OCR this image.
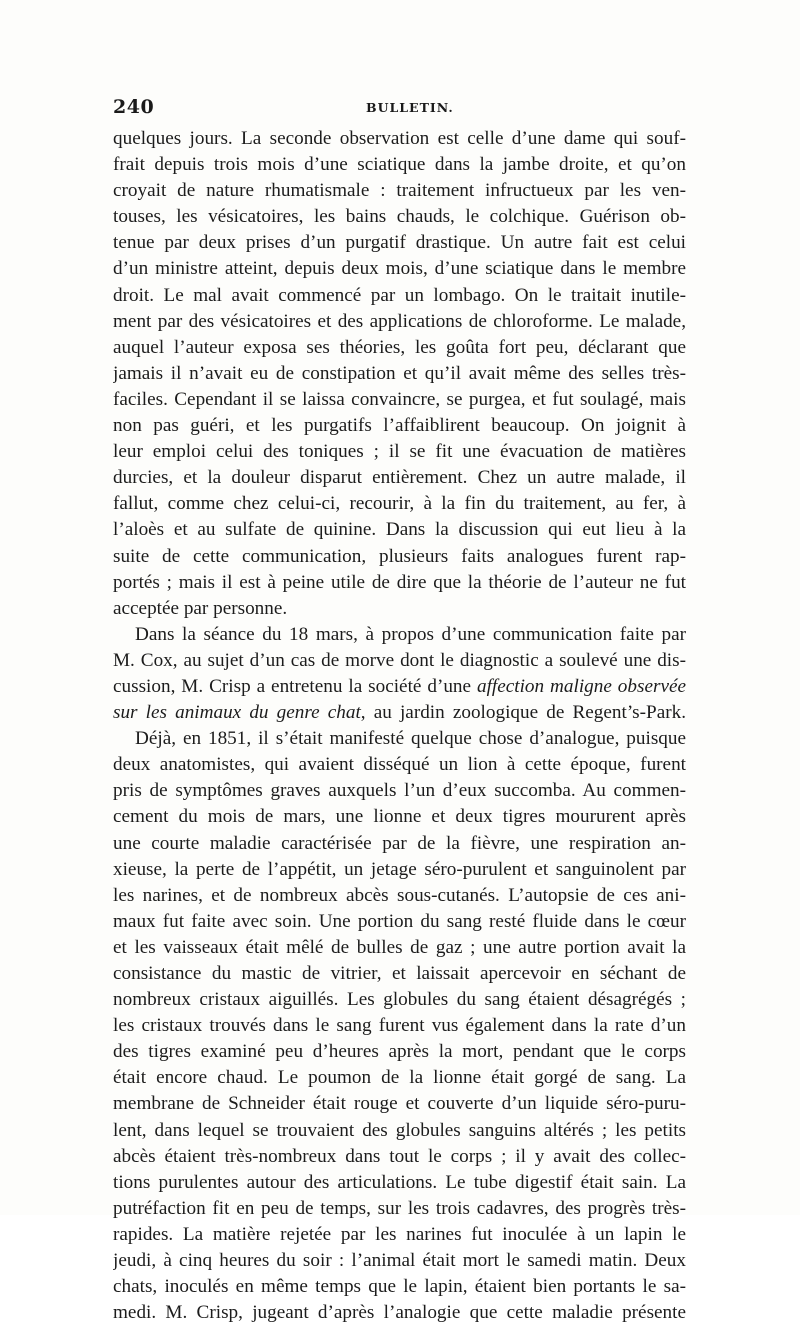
240	BULLETIN.
quelques jours. La seconde observation est celle d’une dame qui souf-
frait depuis trois mois d’une sciatique dans la jambe droite, et qu’on
croyait de nature rhumatismale : traitement infructueux par les ven-
touses, les vésicatoires, les bains chauds, le colchique. Guérison ob-
tenue par deux prises d’un purgatif drastique. Un autre fait est celui
d’un ministre atteint, depuis deux mois, d’une sciatique dans le membre
droit. Le mal avait commencé par un lombago. On le traitait inutile-
ment par des vésicatoires et des applications de chloroforme. Le malade,
auquel l’auteur exposa ses théories, les goûta fort peu, déclarant que
jamais il n’avait eu de constipation et qu’il avait même des selles très-
faciles. Cependant il se laissa convaincre, se purgea, et fut soulagé, mais
non pas guéri, et les purgatifs l’affaiblirent beaucoup. On joignit à
leur emploi celui des toniques ; il se fit une évacuation de matières
durcies, et la douleur disparut entièrement. Chez un autre malade, il
fallut, comme chez celui-ci, recourir, à la fin du traitement, au fer, à
l’aloès et au sulfate de quinine. Dans la discussion qui eut lieu à la
suite de cette communication, plusieurs faits analogues furent rap-
portés ; mais il est à peine utile de dire que la théorie de l’auteur ne fut
acceptée par personne.
Dans la séance du 18 mars, à propos d’une communication faite par
M. Cox, au sujet d’un cas de morve dont le diagnostic a soulevé une dis-
cussion, M. Crisp a entretenu la société d’une affection maligne observée
sur les animaux du genre chat, au jardin zoologique de Regent’s-Park.
Déjà, en 1851, il s’était manifesté quelque chose d’analogue, puisque
deux anatomistes, qui avaient disséqué un lion à cette époque, furent
pris de symptômes graves auxquels l’un d’eux succomba. Au commen-
cement du mois de mars, une lionne et deux tigres moururent après
une courte maladie caractérisée par de la fièvre, une respiration an-
xieuse, la perte de l’appétit, un jetage séro-purulent et sanguinolent par
les narines, et de nombreux abcès sous-cutanés. L’autopsie de ces ani-
maux fut faite avec soin. Une portion du sang resté fluide dans le cœur
et les vaisseaux était mêlé de bulles de gaz ; une autre portion avait la
consistance du mastic de vitrier, et laissait apercevoir en séchant de
nombreux cristaux aiguillés. Les globules du sang étaient désagrégés ;
les cristaux trouvés dans le sang furent vus également dans la rate d’un
des tigres examiné peu d’heures après la mort, pendant que le corps
était encore chaud. Le poumon de la lionne était gorgé de sang. La
membrane de Schneider était rouge et couverte d’un liquide séro-puru-
lent, dans lequel se trouvaient des globules sanguins altérés ; les petits
abcès étaient très-nombreux dans tout le corps ; il y avait des collec-
tions purulentes autour des articulations. Le tube digestif était sain. La
putréfaction fit en peu de temps, sur les trois cadavres, des progrès très-
rapides. La matière rejetée par les narines fut inoculée à un lapin le
jeudi, à cinq heures du soir : l’animal était mort le samedi matin. Deux
chats, inoculés en même temps que le lapin, étaient bien portants le sa-
medi. M. Crisp, jugeant d’après l’analogie que cette maladie présente
